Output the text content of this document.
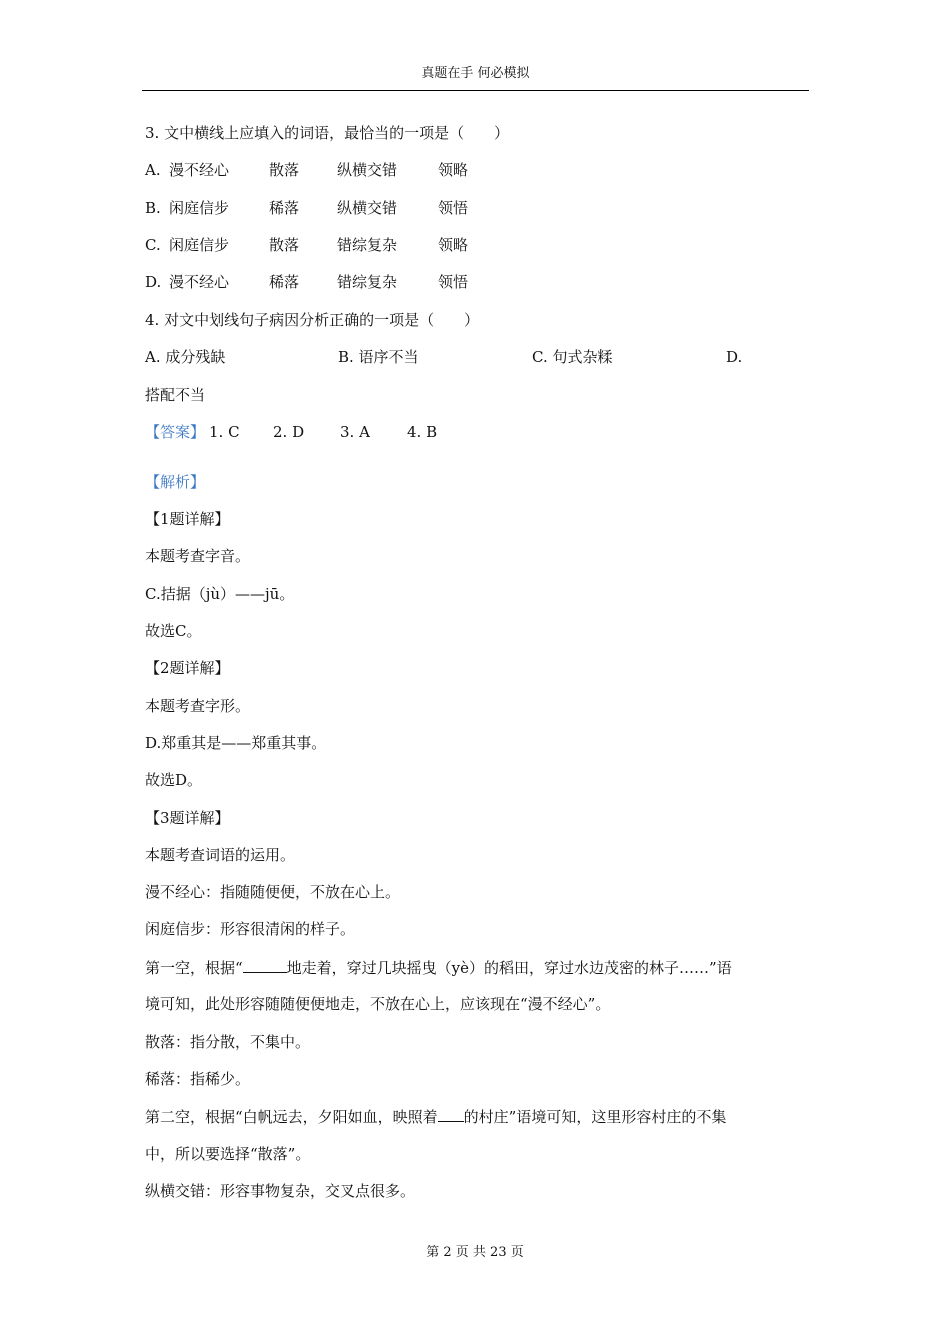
真题在手 何必模拟
3. 文中横线上应填入的词语，最恰当的一项是（　　）
A. 漫不经心	散落	纵横交错	领略
B. 闲庭信步	稀落	纵横交错	领悟
C. 闲庭信步	散落	错综复杂	领略
D. 漫不经心	稀落	错综复杂	领悟
4. 对文中划线句子病因分析正确的一项是（　　）
A. 成分残缺	B. 语序不当	C. 句式杂糅	D.
搭配不当
【答案】 1. C 2. D 3. A 4. B
【解析】
【1题详解】
本题考查字音。
C.拮据（jù）——jū。
故选C。
【2题详解】
本题考查字形。
D.郑重其是——郑重其事。
故选D。
【3题详解】
本题考查词语的运用。
漫不经心：指随随便便，不放在心上。
闲庭信步：形容很清闲的样子。
第一空，根据“	地走着，穿过几块摇曳（yè）的稻田，穿过水边茂密的林子……”语
境可知，此处形容随随便便地走，不放在心上，应该现在“漫不经心”。
散落：指分散，不集中。
稀落：指稀少。
第二空，根据“白帆远去，夕阳如血，映照着 的村庄”语境可知，这里形容村庄的不集
中，所以要选择“散落”。
纵横交错：形容事物复杂，交叉点很多。
第 2 页 共 23 页
